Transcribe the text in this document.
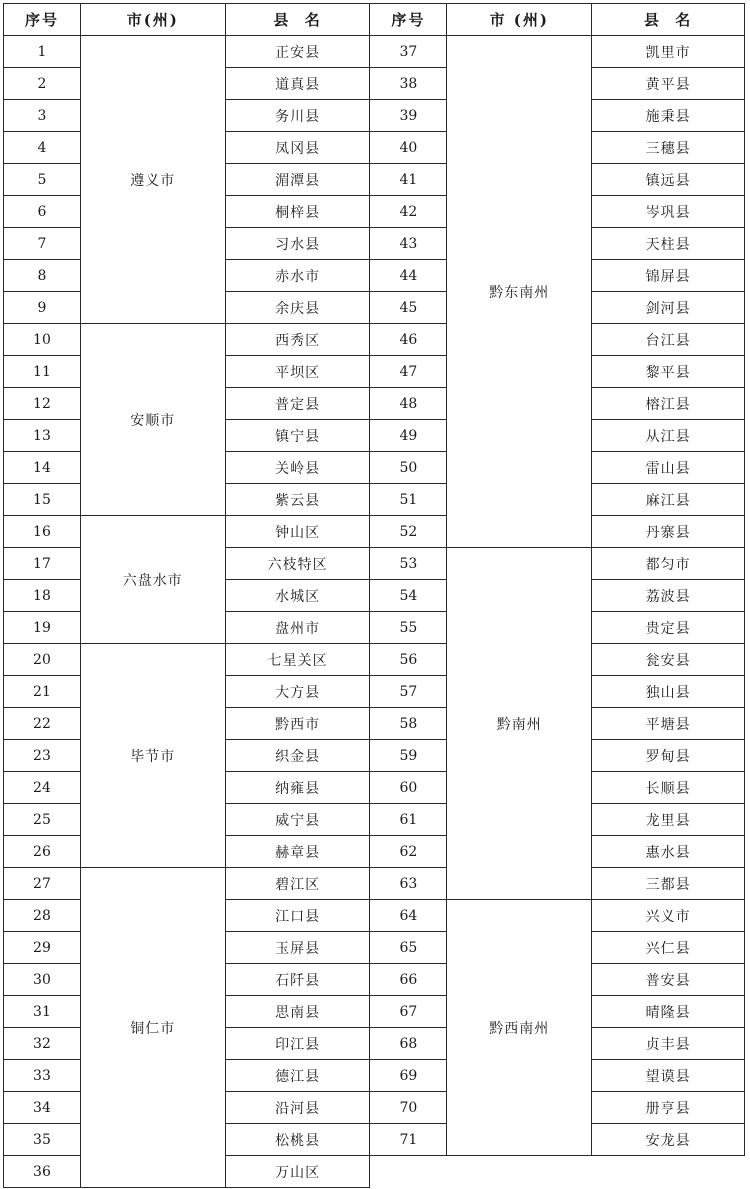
序号	市(州)	县  名	序号	市 (州)	县  名
1	遵义市	正安县	37	黔东南州	凯里市
2		道真县	38		黄平县
3		务川县	39		施秉县
4		凤冈县	40		三穗县
5		湄潭县	41		镇远县
6		桐梓县	42		岑巩县
7		习水县	43		天柱县
8		赤水市	44		锦屏县
9		余庆县	45		剑河县
10	安顺市	西秀区	46		台江县
11		平坝区	47		黎平县
12		普定县	48		榕江县
13		镇宁县	49		从江县
14		关岭县	50		雷山县
15		紫云县	51		麻江县
16	六盘水市	钟山区	52		丹寨县
17		六枝特区	53	黔南州	都匀市
18		水城区	54		荔波县
19		盘州市	55		贵定县
20	毕节市	七星关区	56		瓮安县
21		大方县	57		独山县
22		黔西市	58		平塘县
23		织金县	59		罗甸县
24		纳雍县	60		长顺县
25		威宁县	61		龙里县
26		赫章县	62		惠水县
27	铜仁市	碧江区	63		三都县
28		江口县	64	黔西南州	兴义市
29		玉屏县	65		兴仁县
30		石阡县	66		普安县
31		思南县	67		晴隆县
32		印江县	68		贞丰县
33		德江县	69		望谟县
34		沿河县	70		册亨县
35		松桃县	71		安龙县
36		万山区			
